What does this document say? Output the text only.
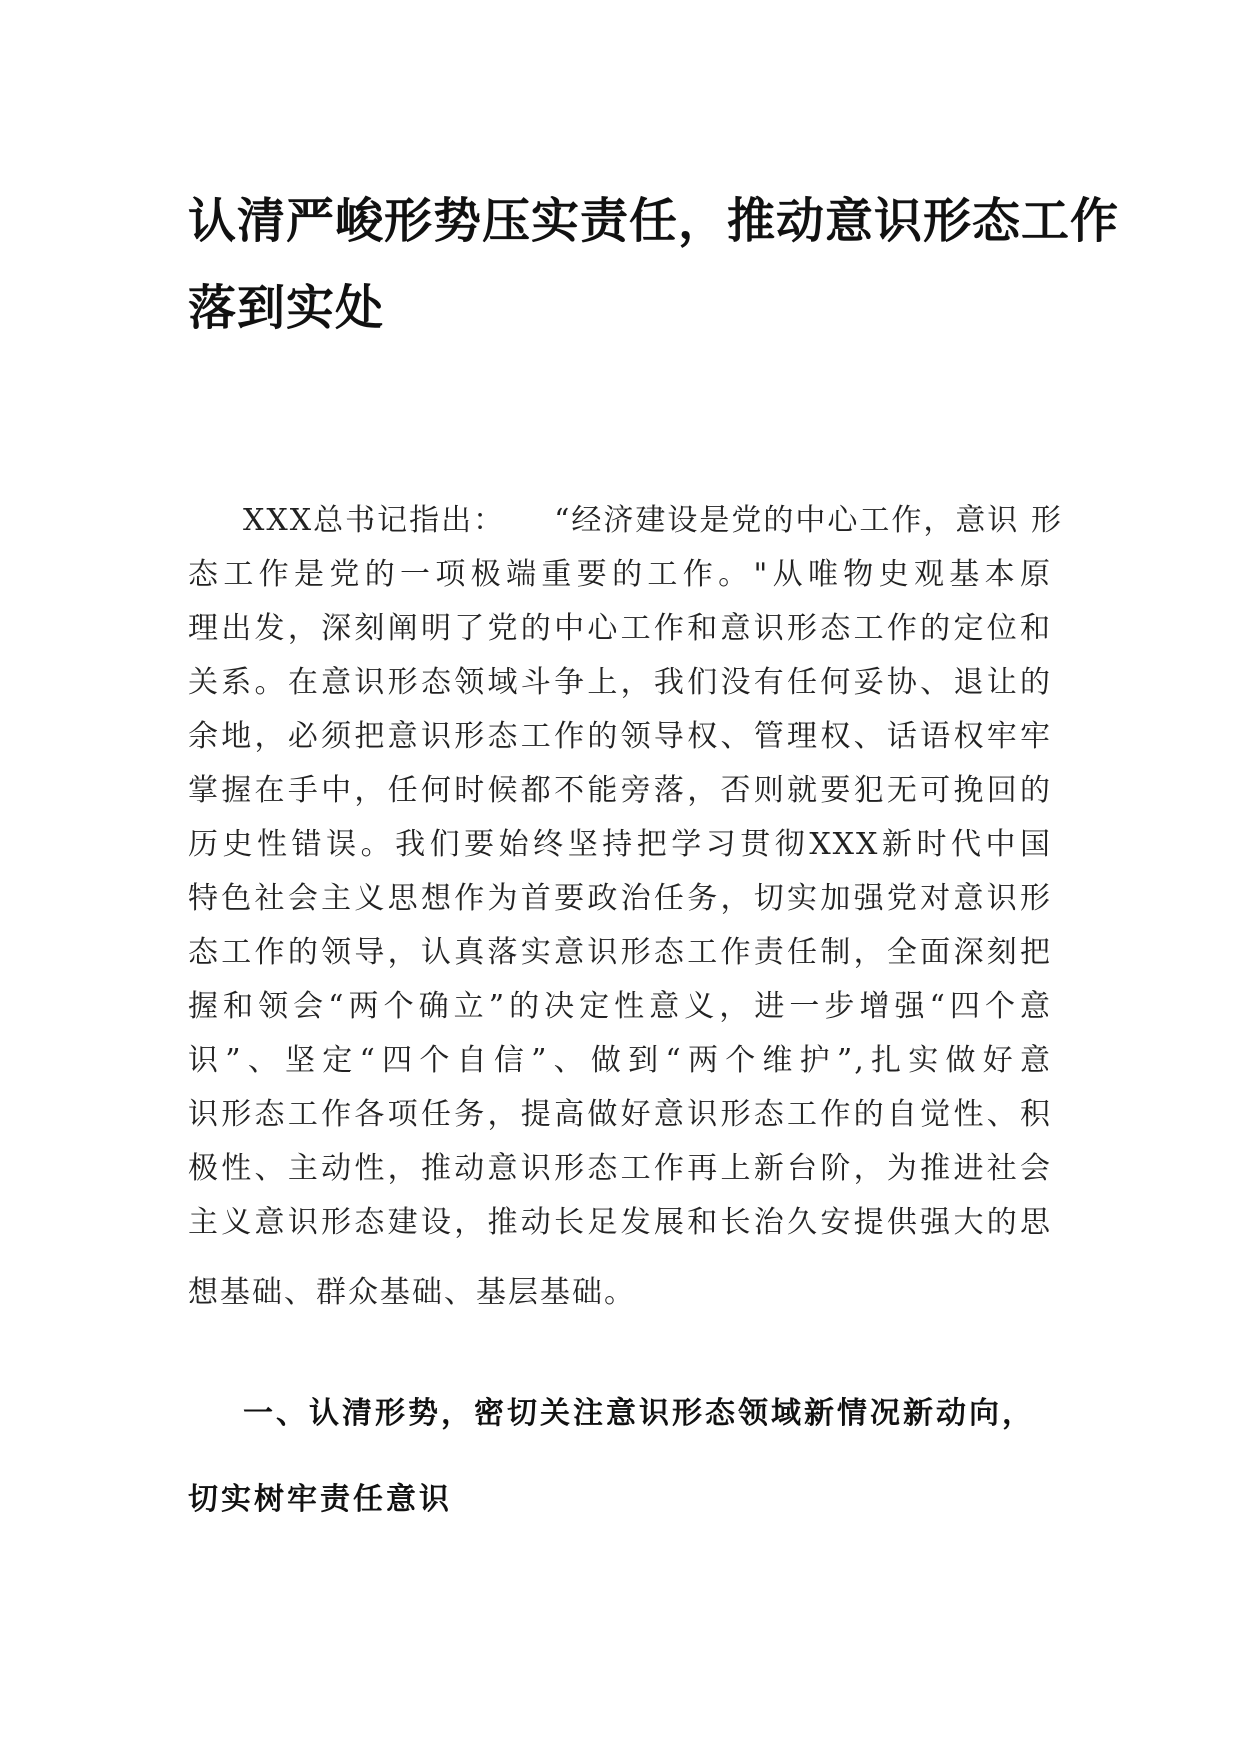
认清严峻形势压实责任，推动意识形态工作
落到实处
XXX总书记指出：　　“经济建设是党的中心工作，意识 形
态工作是党的一项极端重要的工作。"从唯物史观基本原
理出发，深刻阐明了党的中心工作和意识形态工作的定位和
关系。在意识形态领域斗争上，我们没有任何妥协、退让的
余地，必须把意识形态工作的领导权、管理权、话语权牢牢
掌握在手中，任何时候都不能旁落，否则就要犯无可挽回的
历史性错误。我们要始终坚持把学习贯彻XXX新时代中国
特色社会主义思想作为首要政治任务，切实加强党对意识形
态工作的领导，认真落实意识形态工作责任制，全面深刻把
握和领会“两个确立”的决定性意义，进一步增强“四个意
识”、坚定“四个自信”、做到“两个维护”,扎实做好意
识形态工作各项任务，提高做好意识形态工作的自觉性、积
极性、主动性，推动意识形态工作再上新台阶，为推进社会
主义意识形态建设，推动长足发展和长治久安提供强大的思
想基础、群众基础、基层基础。
一、认清形势，密切关注意识形态领域新情况新动向，
切实树牢责任意识
